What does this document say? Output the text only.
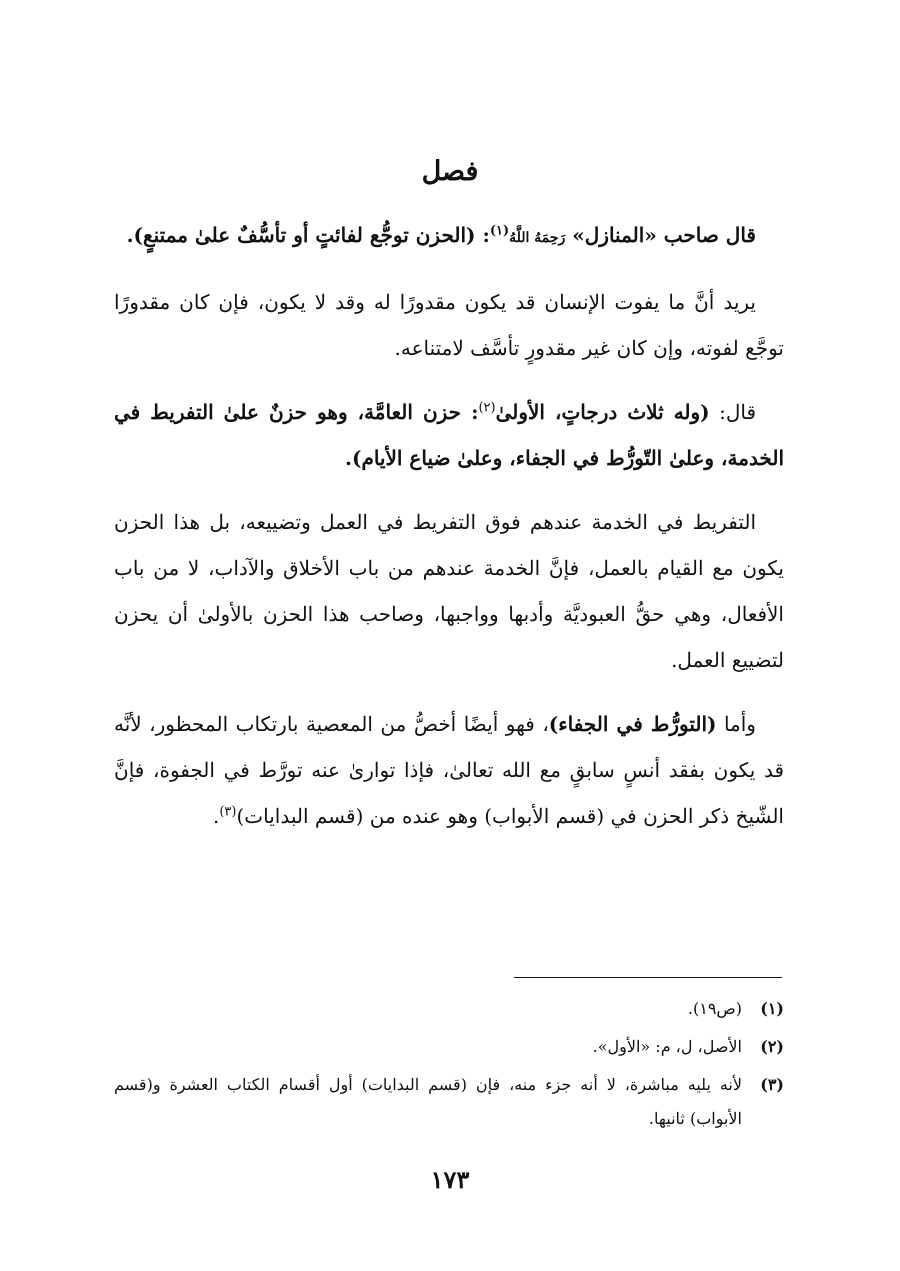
فصل

قال صاحب «المنازل» رَحِمَهُ اللَّهُ$^{(١)}$: (الحزن توجُّع لفائتٍ أو تأسُّفٌ علىٰ ممتنعٍ).

يريد أنَّ ما يفوت الإنسان قد يكون مقدورًا له وقد لا يكون، فإن كان مقدورًا توجَّع لفوته، وإن كان غير مقدورٍ تأسَّف لامتناعه.

قال: (وله ثلاث درجاتٍ، الأولىٰ$^{(٢)}$: حزن العامَّة، وهو حزنٌ علىٰ التفريط في الخدمة، وعلىٰ التّورُّط في الجفاء، وعلىٰ ضياع الأيام).

التفريط في الخدمة عندهم فوق التفريط في العمل وتضييعه، بل هذا الحزن يكون مع القيام بالعمل، فإنَّ الخدمة عندهم من باب الأخلاق والآداب، لا من باب الأفعال، وهي حقُّ العبوديَّة وأدبها وواجبها، وصاحب هذا الحزن بالأولىٰ أن يحزن لتضييع العمل.

وأما (التورُّط في الجفاء)، فهو أيضًا أخصُّ من المعصية بارتكاب المحظور، لأنَّه قد يكون بفقد أنسٍ سابقٍ مع الله تعالىٰ، فإذا توارىٰ عنه تورَّط في الجفوة، فإنَّ الشّيخ ذكر الحزن في (قسم الأبواب) وهو عنده من (قسم البدايات)$^{(٣)}$.

(١)
(ص١٩).
(٢)
الأصل، ل، م: «الأول».
(٣)
لأنه يليه مباشرة، لا أنه جزء منه، فإن (قسم البدايات) أول أقسام الكتاب العشرة و(قسم الأبواب) ثانيها.
١٧٣
